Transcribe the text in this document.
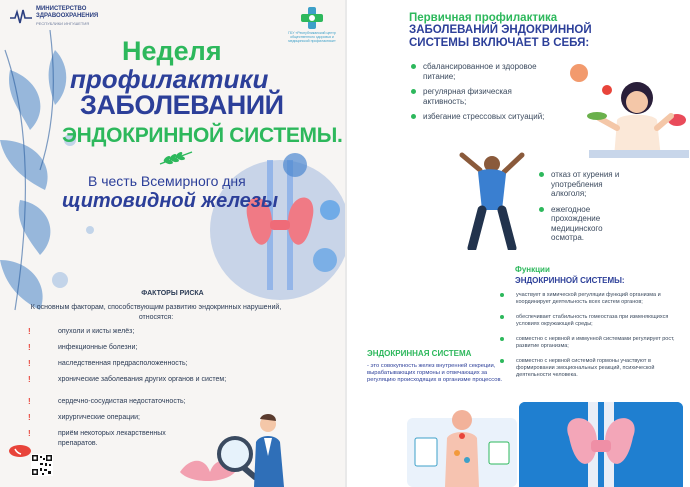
МИНИСТЕРСТВО
ЗДРАВООХРАНЕНИЯ
РЕСПУБЛИКИ ИНГУШЕТИЯ
ГБУ «Республиканский центр общественного здоровья и медицинской профилактики»
Неделя
профилактики
ЗАБОЛЕВАНИЙ
ЭНДОКРИННОЙ СИСТЕМЫ.
В честь Всемирного дня
щитовидной железы
ФАКТОРЫ РИСКА
К основным факторам, способствующим развитию эндокринных нарушений, относятся:
!	опухоли и кисты желёз;
!	инфекционные болезни;
!	наследственная предрасположенность;
!	хронические заболевания других органов и систем;
!	сердечно-сосудистая недостаточность;
!	хирургические операции;
!	приём некоторых лекарственных препаратов.
Первичная профилактика
ЗАБОЛЕВАНИЙ ЭНДОКРИННОЙ СИСТЕМЫ ВКЛЮЧАЕТ В СЕБЯ:
сбалансированное и здоровое питание;
регулярная физическая активность;
избегание стрессовых ситуаций;
отказ от курения и употребления алкоголя;
ежегодное прохождение медицинского осмотра.
Функции
ЭНДОКРИННОЙ СИСТЕМЫ:
участвует в химической регуляции функций организма и координирует деятельность всех систем органов;
обеспечивает стабильность гомеостаза при изменяющихся условиях окружающей среды;
совместно с нервной и иммунной системами регулирует рост, развитие организма;
совместно с нервной системой гормоны участвуют в формировании эмоциональных реакций, психической деятельности человека.
ЭНДОКРИННАЯ СИСТЕМА
- это совокупность желез внутренней секреции, вырабатывающих гормоны и отвечающих за регуляцию происходящих в организме процессов.
